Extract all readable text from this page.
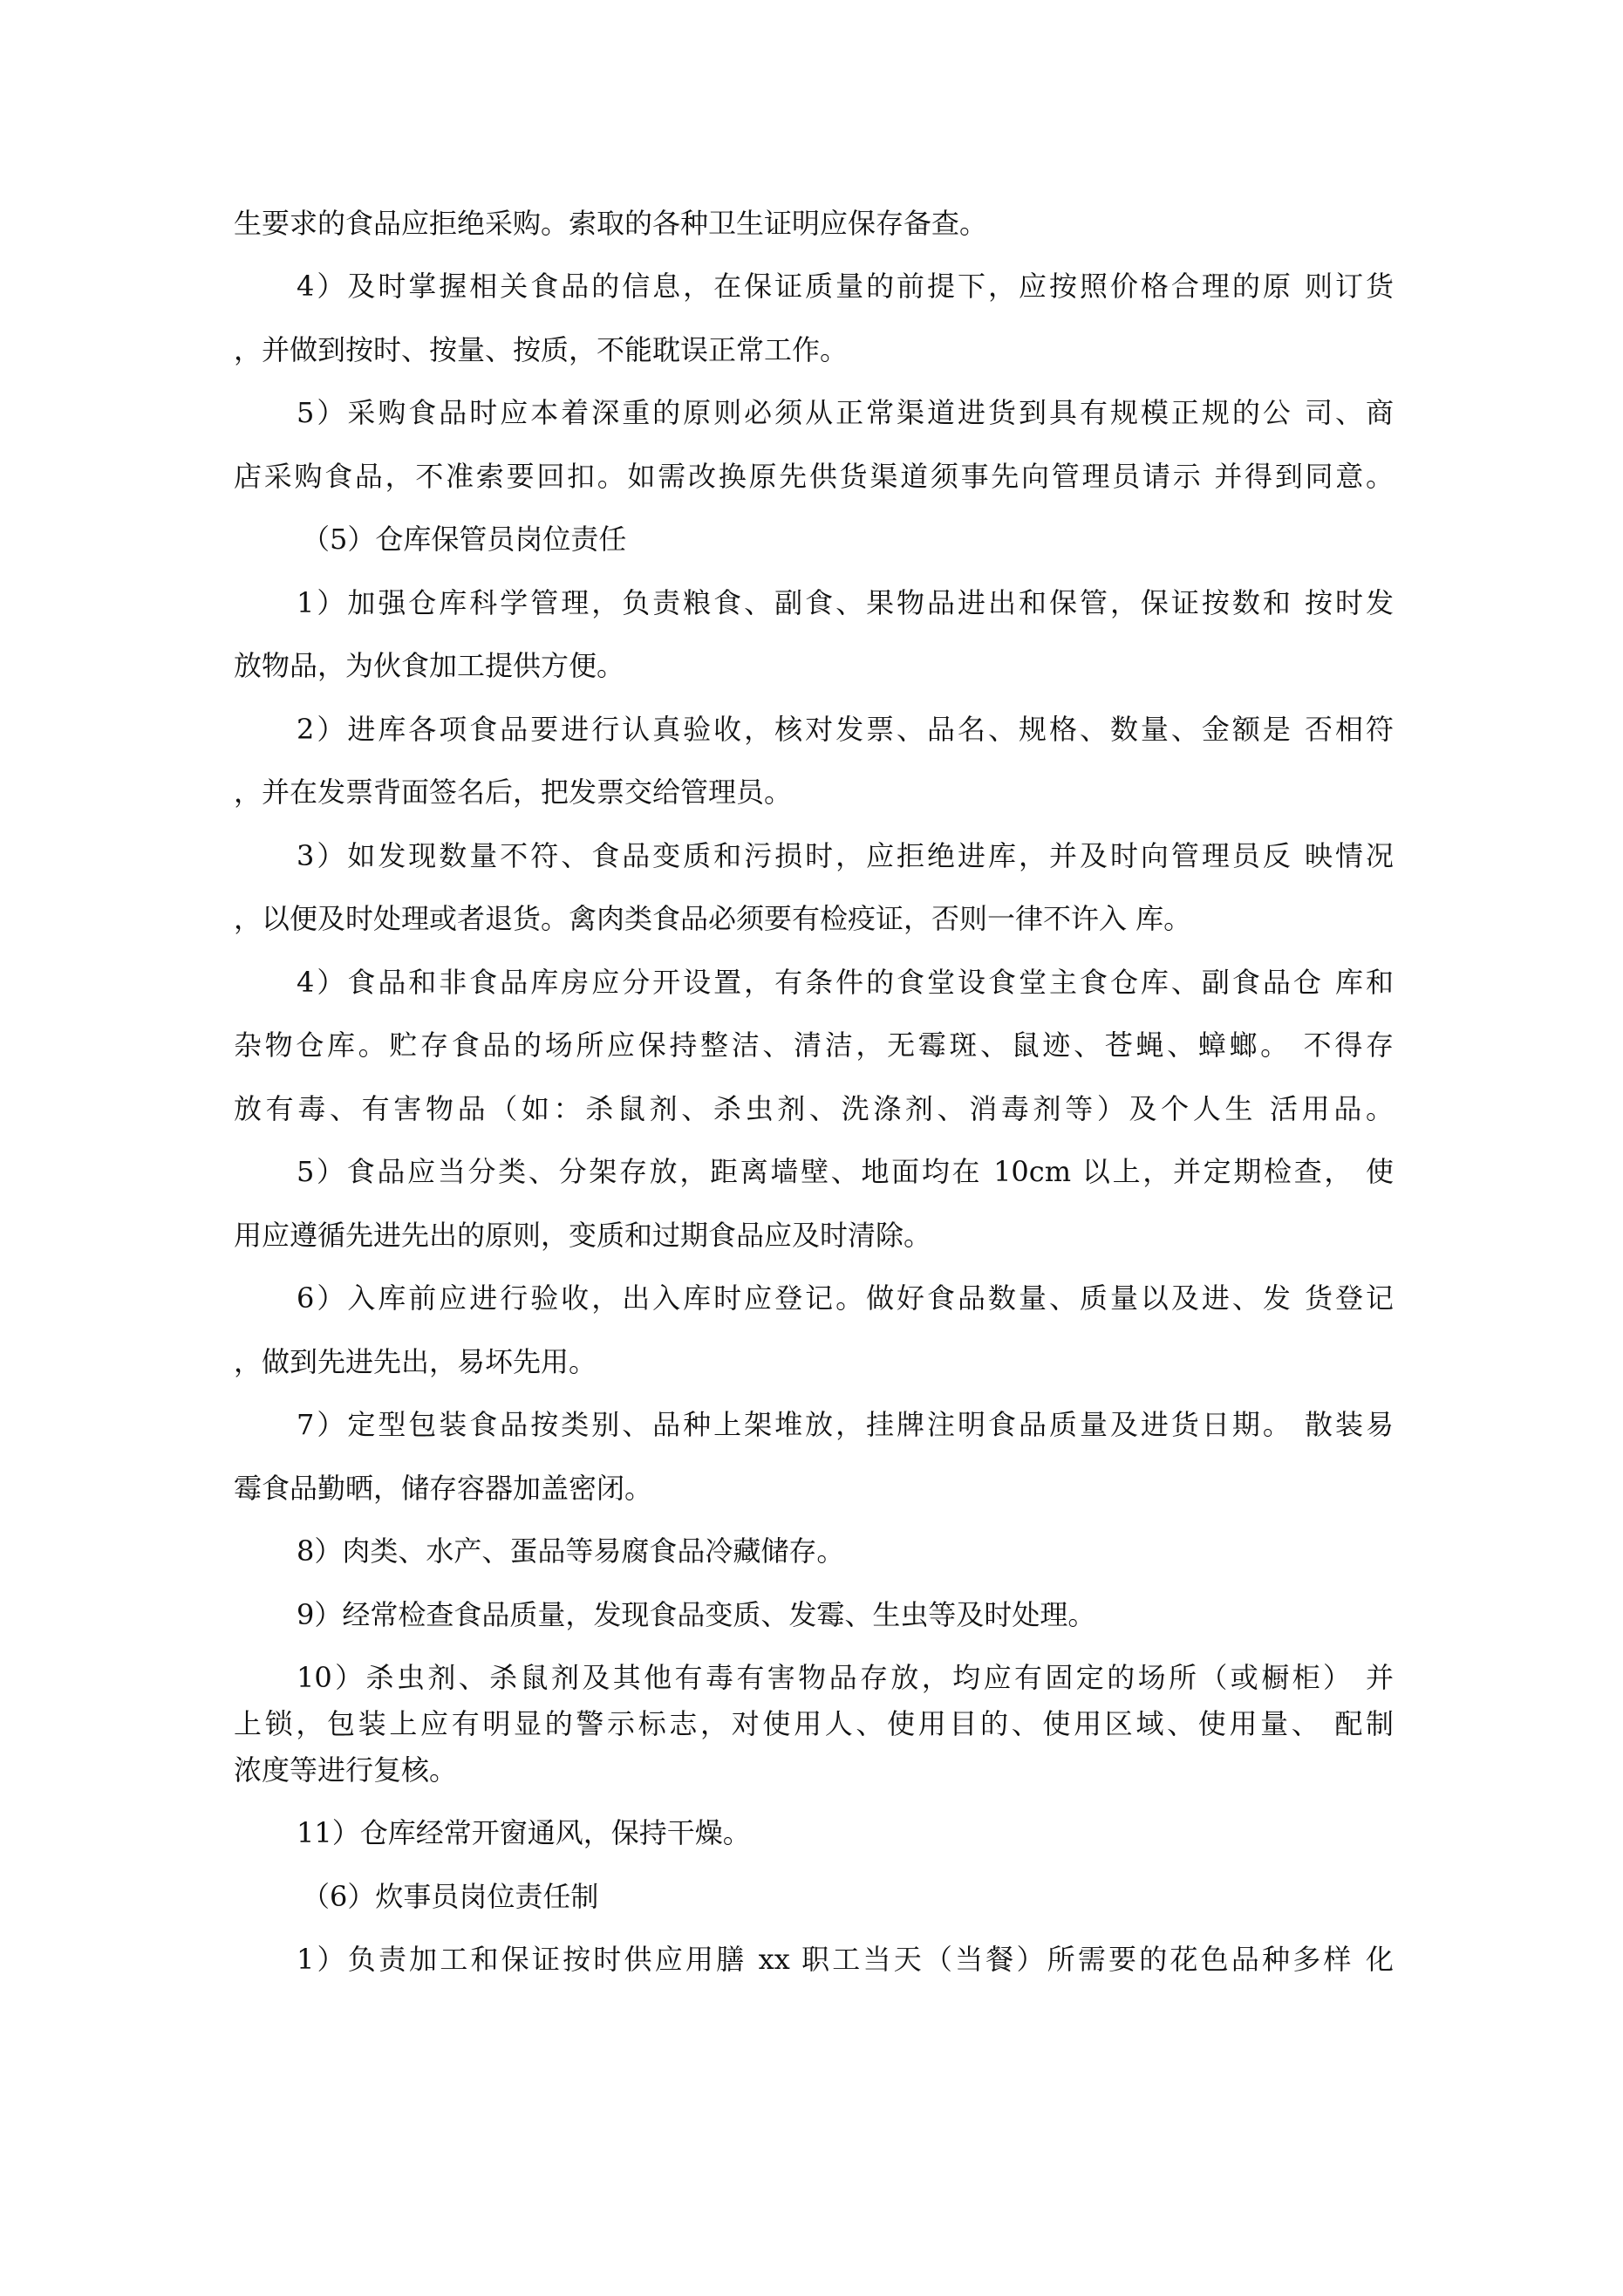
生要求的食品应拒绝采购。索取的各种卫生证明应保存备查。

4）及时掌握相关食品的信息，在保证质量的前提下，应按照价格合理的原 则订货

，并做到按时、按量、按质，不能耽误正常工作。

5）采购食品时应本着深重的原则必须从正常渠道进货到具有规模正规的公 司、商

店采购食品，不准索要回扣。如需改换原先供货渠道须事先向管理员请示 并得到同意。

（5）仓库保管员岗位责任

1）加强仓库科学管理，负责粮食、副食、果物品进出和保管，保证按数和 按时发

放物品，为伙食加工提供方便。

2）进库各项食品要进行认真验收，核对发票、品名、规格、数量、金额是 否相符

，并在发票背面签名后，把发票交给管理员。

3）如发现数量不符、食品变质和污损时，应拒绝进库，并及时向管理员反 映情况

，以便及时处理或者退货。禽肉类食品必须要有检疫证，否则一律不许入 库。

4）食品和非食品库房应分开设置，有条件的食堂设食堂主食仓库、副食品仓 库和

杂物仓库。贮存食品的场所应保持整洁、清洁，无霉斑、鼠迹、苍蝇、蟑螂。 不得存

放有毒、有害物品（如：杀鼠剂、杀虫剂、洗涤剂、消毒剂等）及个人生 活用品。

5）食品应当分类、分架存放，距离墙壁、地面均在 10cm 以上，并定期检查， 使

用应遵循先进先出的原则，变质和过期食品应及时清除。

6）入库前应进行验收，出入库时应登记。做好食品数量、质量以及进、发 货登记

，做到先进先出，易坏先用。

7）定型包装食品按类别、品种上架堆放，挂牌注明食品质量及进货日期。 散装易

霉食品勤晒，储存容器加盖密闭。

8）肉类、水产、蛋品等易腐食品冷藏储存。

9）经常检查食品质量，发现食品变质、发霉、生虫等及时处理。

10）杀虫剂、杀鼠剂及其他有毒有害物品存放，均应有固定的场所（或橱柜） 并

上锁，包装上应有明显的警示标志，对使用人、使用目的、使用区域、使用量、 配制

浓度等进行复核。

11）仓库经常开窗通风，保持干燥。

（6）炊事员岗位责任制

1）负责加工和保证按时供应用膳 xx 职工当天（当餐）所需要的花色品种多样 化
